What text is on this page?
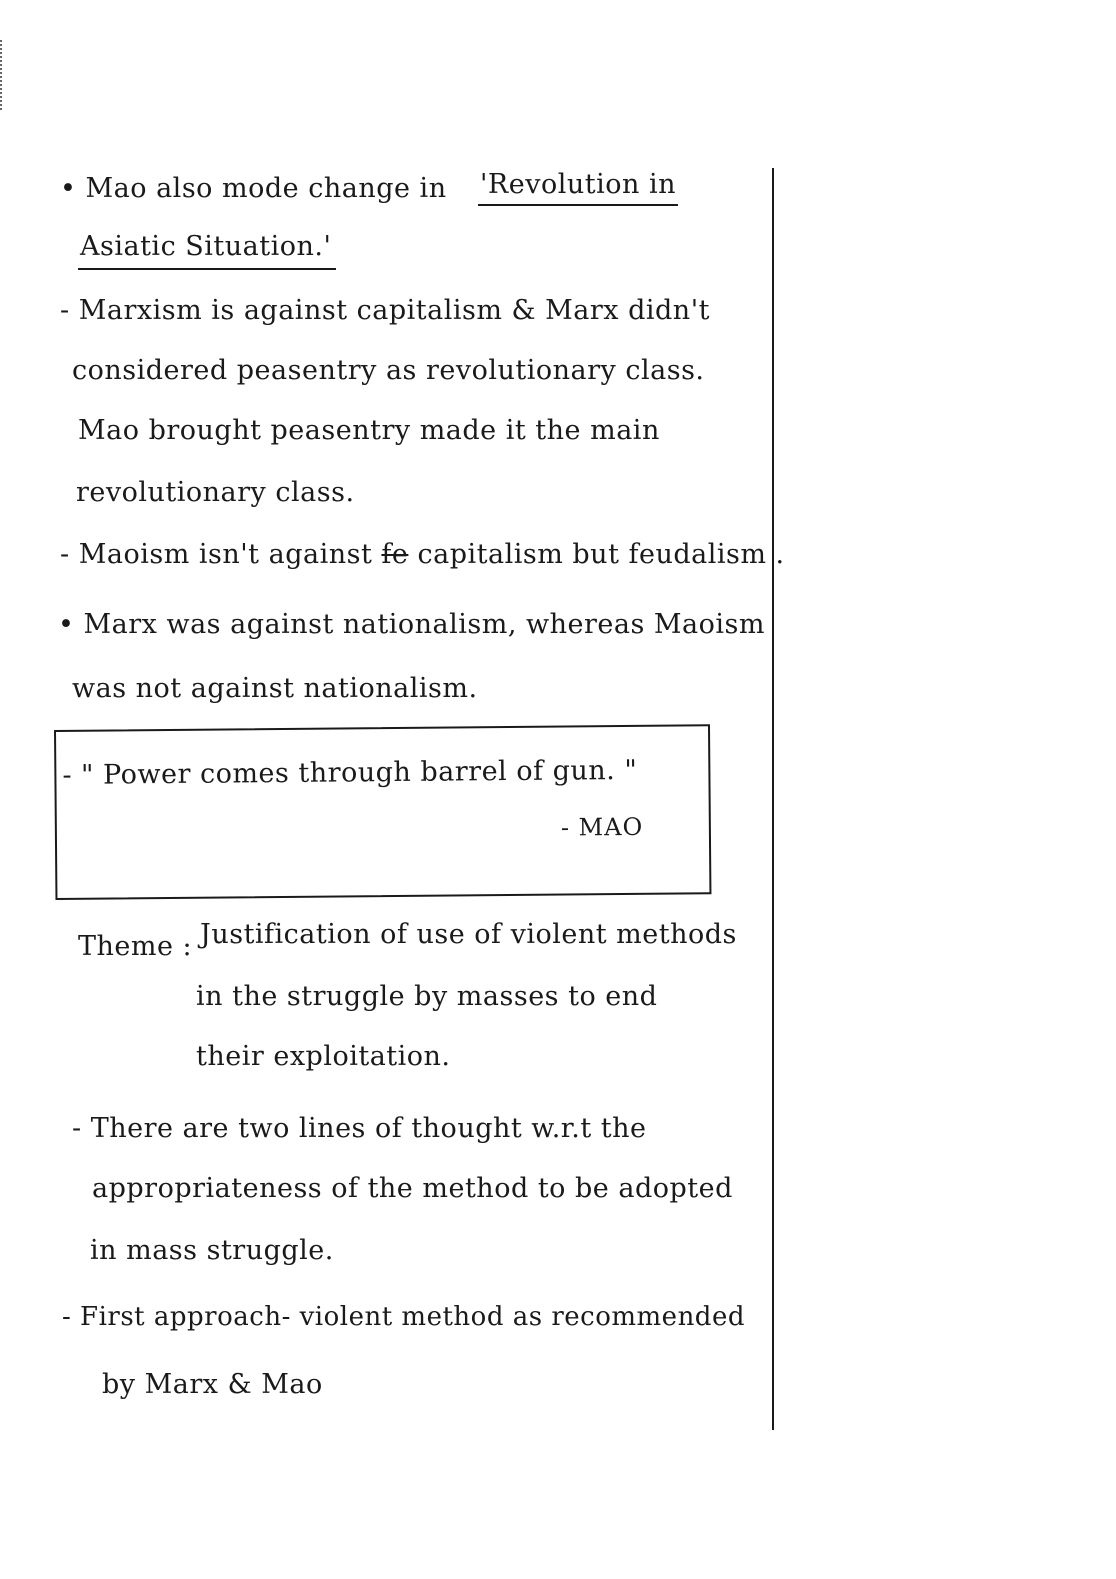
• Mao also mode change in 'Revolution in
Asiatic Situation.'
- Marxism is against capitalism & Marx didn't
considered peasentry as revolutionary class.
Mao brought peasentry made it the main
revolutionary class.
- Maoism isn't against fe capitalism but feudalism .
• Marx was against nationalism, whereas Maoism
was not against nationalism.
- " Power comes through barrel of gun. "
- MAO
Theme : Justification of use of violent methods
in the struggle by masses to end
their exploitation.
- There are two lines of thought w.r.t the
appropriateness of the method to be adopted
in mass struggle.
- First approach- violent method as recommended
by Marx & Mao
